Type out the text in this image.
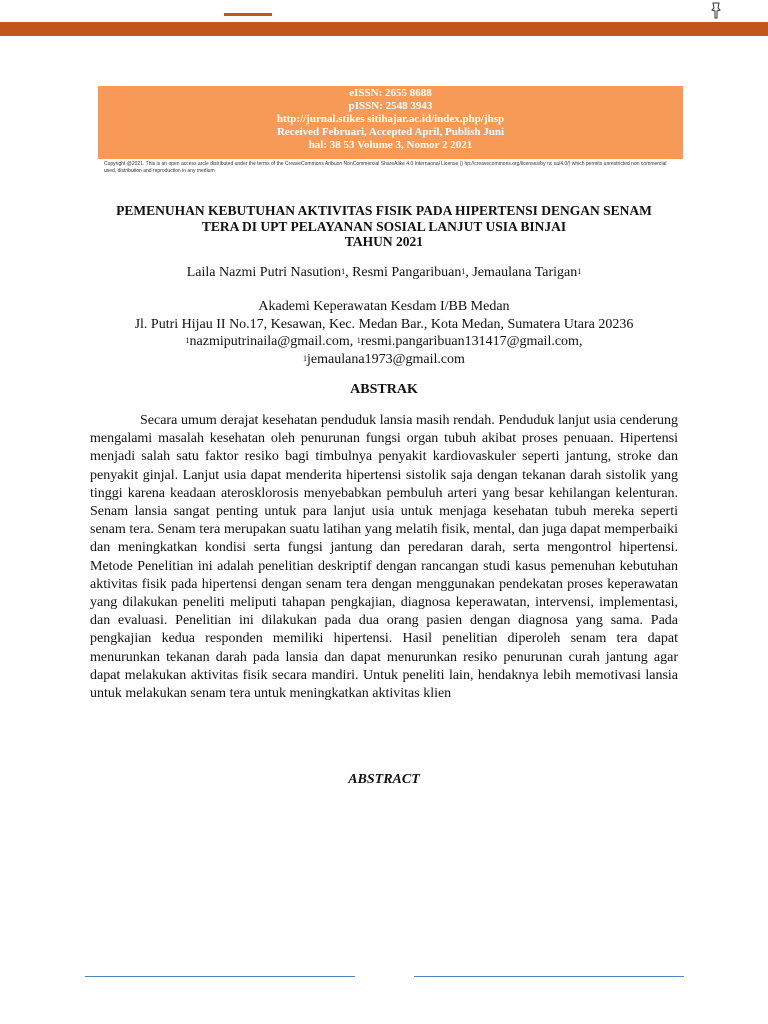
eISSN: 2655 8688
pISSN: 2548 3943
http://jurnal.stikes sitihajar.ac.id/index.php/jhsp
Received Februari, Accepted April, Publish Juni
hal: 38 53 Volume 3, Nomor 2 2021
Copyright @2021. This is an open access arcle distributed under the terms of the CreaveCommons Aribuon NonCommercial ShareAlike 4.0 Internaonal License () hp://creavecommons.org/licenses/by nc sa/4.0/) which permits unrestricted non commercial used, distribution and reproduction in any medium
PEMENUHAN KEBUTUHAN AKTIVITAS FISIK PADA HIPERTENSI DENGAN SENAM
TERA DI UPT PELAYANAN SOSIAL LANJUT USIA BINJAI
TAHUN 2021
Laila Nazmi Putri Nasution$^1$, Resmi Pangaribuan$^1$, Jemaulana Tarigan$^1$
Akademi Keperawatan Kesdam I/BB Medan
Jl. Putri Hijau II No.17, Kesawan, Kec. Medan Bar., Kota Medan, Sumatera Utara 20236
$^1$nazmiputrinaila@gmail.com, $^1$resmi.pangaribuan131417@gmail.com,
$^1$jemaulana1973@gmail.com
ABSTRAK

Secara umum derajat kesehatan penduduk lansia masih rendah. Penduduk lanjut usia cenderung mengalami masalah kesehatan oleh penurunan fungsi organ tubuh akibat proses penuaan. Hipertensi menjadi salah satu faktor resiko bagi timbulnya penyakit kardiovaskuler seperti jantung, stroke dan penyakit ginjal. Lanjut usia dapat menderita hipertensi sistolik saja dengan tekanan darah sistolik yang tinggi karena keadaan aterosklorosis menyebabkan pembuluh arteri yang besar kehilangan kelenturan. Senam lansia sangat penting untuk para lanjut usia untuk menjaga kesehatan tubuh mereka seperti senam tera. Senam tera merupakan suatu latihan yang melatih fisik, mental, dan juga dapat memperbaiki dan meningkatkan kondisi serta fungsi jantung dan peredaran darah, serta mengontrol hipertensi. Metode Penelitian ini adalah penelitian deskriptif dengan rancangan studi kasus pemenuhan kebutuhan aktivitas fisik pada hipertensi dengan senam tera dengan menggunakan pendekatan proses keperawatan yang dilakukan peneliti meliputi tahapan pengkajian, diagnosa keperawatan, intervensi, implementasi, dan evaluasi. Penelitian ini dilakukan pada dua orang pasien dengan diagnosa yang sama. Pada pengkajian kedua responden memiliki hipertensi. Hasil penelitian diperoleh senam tera dapat menurunkan tekanan darah pada lansia dan dapat menurunkan resiko penurunan curah jantung agar dapat melakukan aktivitas fisik secara mandiri. Untuk peneliti lain, hendaknya lebih memotivasi lansia untuk melakukan senam tera untuk meningkatkan aktivitas klien

ABSTRACT
